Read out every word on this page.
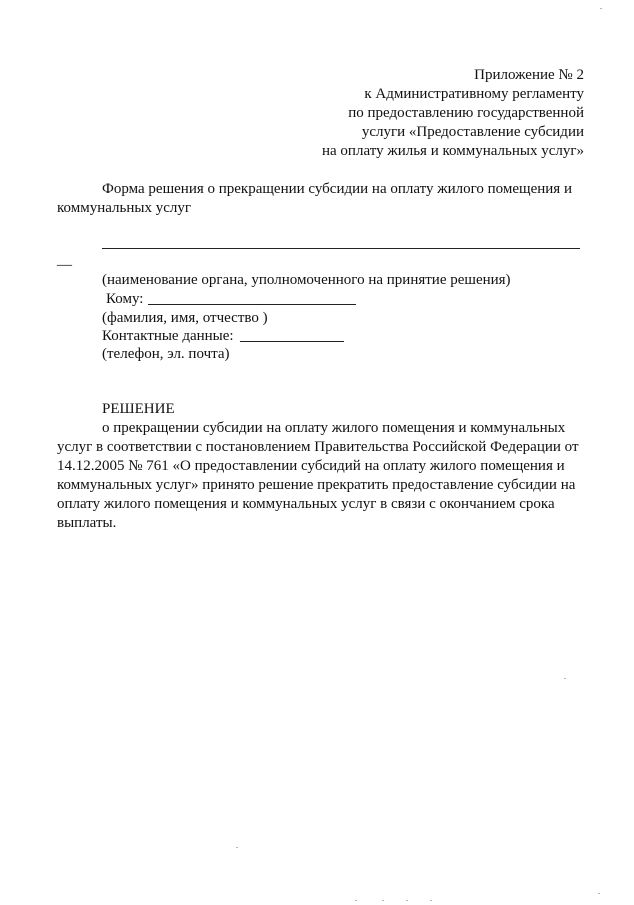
Приложение № 2
к Административному регламенту
по предоставлению государственной
услуги «Предоставление субсидии
на оплату жилья и коммунальных услуг»
Форма решения о прекращении субсидии на оплату жилого помещения и
коммунальных услуг
__
(наименование органа, уполномоченного на принятие решения)
Кому:
(фамилия, имя, отчество )
Контактные данные:
(телефон, эл. почта)
РЕШЕНИЕ
о прекращении субсидии на оплату жилого помещения и коммунальных
услуг в соответствии с постановлением Правительства Российской Федерации от
14.12.2005 № 761 «О предоставлении субсидий на оплату жилого помещения и
коммунальных услуг» принято решение прекратить предоставление субсидии на
оплату жилого помещения и коммунальных услуг в связи с окончанием срока
выплаты.
